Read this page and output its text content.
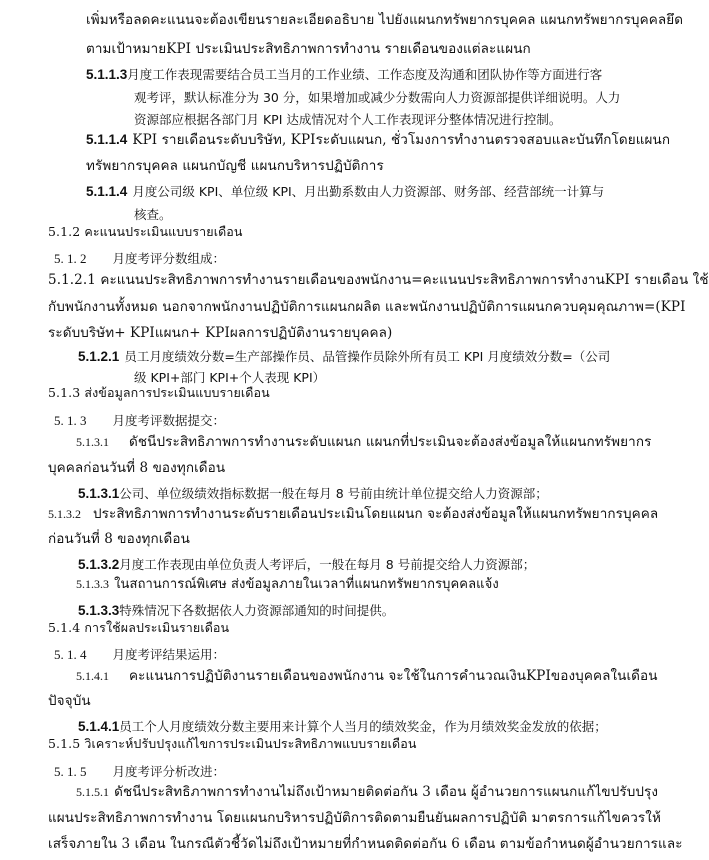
เพิ่มหรือลดคะแนนจะต้องเขียนรายละเอียดอธิบาย ไปยังแผนกทรัพยากรบุคคล แผนกทรัพยากรบุคคลยึด
ตามเป้าหมายKPI ประเมินประสิทธิภาพการทำงาน รายเดือนของแต่ละแผนก
5.1.1.3月度工作表现需要结合员工当月的工作业绩、工作态度及沟通和团队协作等方面进行客
观考评，默认标准分为 30 分，如果增加或减少分数需向人力资源部提供详细说明。人力
资源部应根据各部门月 KPI 达成情况对个人工作表现评分整体情况进行控制。
5.1.1.4 KPI รายเดือนระดับบริษัท, KPIระดับแผนก, ชั่วโมงการทำงานตรวจสอบและบันทึกโดยแผนก
ทรัพยากรบุคคล แผนกบัญชี แผนกบริหารปฏิบัติการ
5.1.1.4 月度公司级 KPI、单位级 KPI、月出勤系数由人力资源部、财务部、经营部统一计算与
核查。
5.1.2 คะแนนประเมินแบบรายเดือน
5. 1. 2 月度考评分数组成：
5.1.2.1 คะแนนประสิทธิภาพการทำงานรายเดือนของพนักงาน=คะแนนประสิทธิภาพการทำงานKPI รายเดือน ใช้
กับพนักงานทั้งหมด นอกจากพนักงานปฏิบัติการแผนกผลิต และพนักงานปฏิบัติการแผนกควบคุมคุณภาพ=(KPI
ระดับบริษัท+ KPIแผนก+ KPIผลการปฏิบัติงานรายบุคคล)
5.1.2.1 员工月度绩效分数=生产部操作员、品管操作员除外所有员工 KPI 月度绩效分数=（公司
级 KPI+部门 KPI+个人表现 KPI）
5.1.3 ส่งข้อมูลการประเมินแบบรายเดือน
5. 1. 3 月度考评数据提交：
5.1.3.1 ดัชนีประสิทธิภาพการทำงานระดับแผนก แผนกที่ประเมินจะต้องส่งข้อมูลให้แผนกทรัพยากร
บุคคลก่อนวันที่ 8 ของทุกเดือน
5.1.3.1公司、单位级绩效指标数据一般在每月 8 号前由统计单位提交给人力资源部；
5.1.3.2 ประสิทธิภาพการทำงานระดับรายเดือนประเมินโดยแผนก จะต้องส่งข้อมูลให้แผนกทรัพยากรบุคคล
ก่อนวันที่ 8 ของทุกเดือน
5.1.3.2月度工作表现由单位负责人考评后，一般在每月 8 号前提交给人力资源部；
5.1.3.3 ในสถานการณ์พิเศษ ส่งข้อมูลภายในเวลาที่แผนกทรัพยากรบุคคลแจ้ง
5.1.3.3特殊情况下各数据依人力资源部通知的时间提供。
5.1.4 การใช้ผลประเมินรายเดือน
5. 1. 4 月度考评结果运用：
5.1.4.1 คะแนนการปฏิบัติงานรายเดือนของพนักงาน จะใช้ในการคำนวณเงินKPIของบุคคลในเดือน
ปัจจุบัน
5.1.4.1员工个人月度绩效分数主要用来计算个人当月的绩效奖金，作为月绩效奖金发放的依据；
5.1.5 วิเคราะห์ปรับปรุงแก้ไขการประเมินประสิทธิภาพแบบรายเดือน
5. 1. 5 月度考评分析改进：
5.1.5.1 ดัชนีประสิทธิภาพการทำงานไม่ถึงเป้าหมายติดต่อกัน 3 เดือน ผู้อำนวยการแผนกแก้ไขปรับปรุง
แผนประสิทธิภาพการทำงาน โดยแผนกบริหารปฏิบัติการติดตามยืนยันผลการปฏิบัติ มาตรการแก้ไขควรให้
เสร็จภายใน 3 เดือน ในกรณีตัวชี้วัดไม่ถึงเป้าหมายที่กำหนดติดต่อกัน 6 เดือน ตามข้อกำหนดผู้อำนวยการและ
